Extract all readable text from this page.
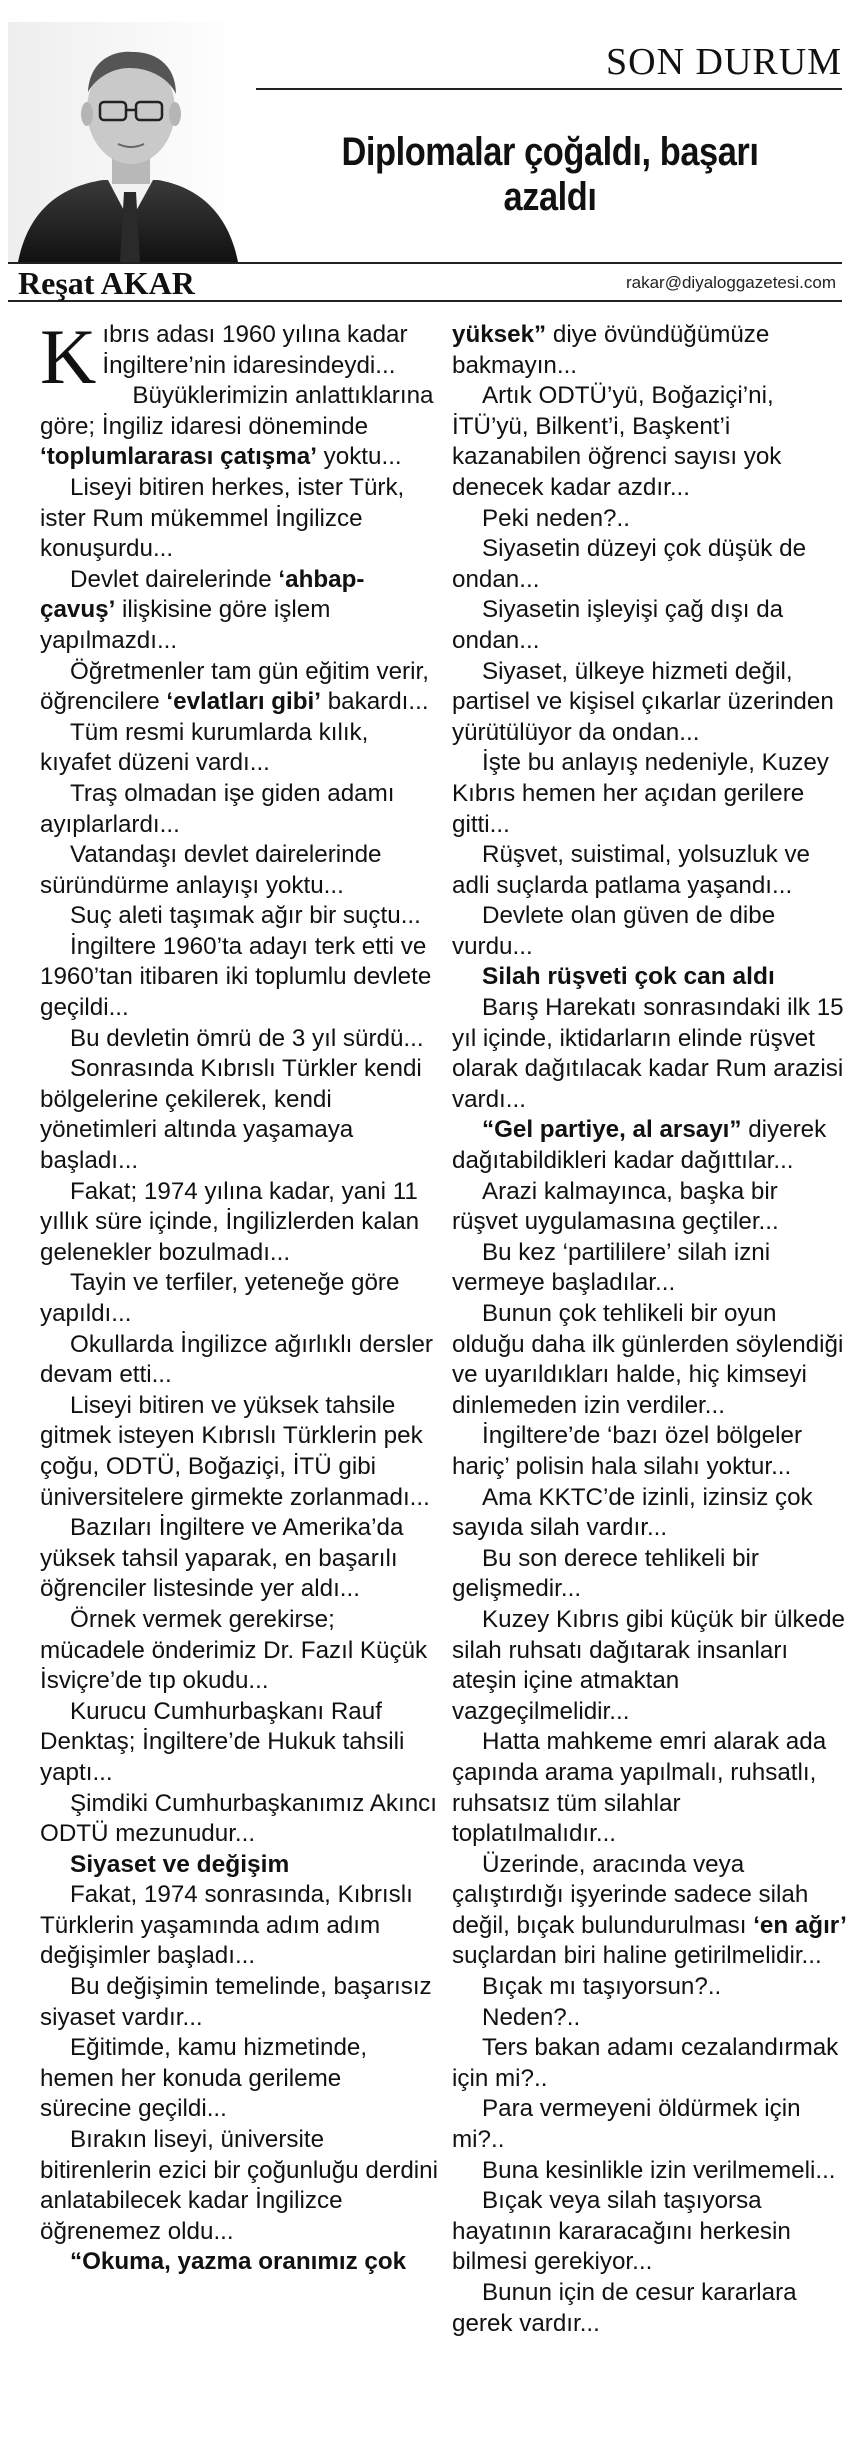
SON DURUM
Diplomalar çoğaldı, başarı azaldı
Reşat AKAR	rakar@diyaloggazetesi.com

Kıbrıs adası 1960 yılına kadar İngiltere’nin idaresindeydi...

Büyüklerimizin anlattıklarına göre; İngiliz idaresi döneminde ‘toplumlararası çatışma’ yoktu...

Liseyi bitiren herkes, ister Türk, ister Rum mükemmel İngilizce konuşurdu...

Devlet dairelerinde ‘ahbap-çavuş’ ilişkisine göre işlem yapılmazdı...

Öğretmenler tam gün eğitim verir, öğrencilere ‘evlatları gibi’ bakardı...

Tüm resmi kurumlarda kılık, kıyafet düzeni vardı...

Traş olmadan işe giden adamı ayıplarlardı...

Vatandaşı devlet dairelerinde süründürme anlayışı yoktu...

Suç aleti taşımak ağır bir suçtu...

İngiltere 1960’ta adayı terk etti ve 1960’tan itibaren iki toplumlu devlete geçildi...

Bu devletin ömrü de 3 yıl sürdü...

Sonrasında Kıbrıslı Türkler kendi bölgelerine çekilerek, kendi yönetimleri altında yaşamaya başladı...

Fakat; 1974 yılına kadar, yani 11 yıllık süre içinde, İngilizlerden kalan gelenekler bozulmadı...

Tayin ve terfiler, yeteneğe göre yapıldı...

Okullarda İngilizce ağırlıklı dersler devam etti...

Liseyi bitiren ve yüksek tahsile gitmek isteyen Kıbrıslı Türklerin pek çoğu, ODTÜ, Boğaziçi, İTÜ gibi üniversitelere girmekte zorlanmadı...

Bazıları İngiltere ve Amerika’da yüksek tahsil yaparak, en başarılı öğrenciler listesinde yer aldı...

Örnek vermek gerekirse; mücadele önderimiz Dr. Fazıl Küçük İsviçre’de tıp okudu...

Kurucu Cumhurbaşkanı Rauf Denktaş; İngiltere’de Hukuk tahsili yaptı...

Şimdiki Cumhurbaşkanımız Akıncı ODTÜ mezunudur...

Siyaset ve değişim

Fakat, 1974 sonrasında, Kıbrıslı Türklerin yaşamında adım adım değişimler başladı...

Bu değişimin temelinde, başarısız siyaset vardır...

Eğitimde, kamu hizmetinde, hemen her konuda gerileme sürecine geçildi...

Bırakın liseyi, üniversite bitirenlerin ezici bir çoğunluğu derdini anlatabilecek kadar İngilizce öğrenemez oldu...

“Okuma, yazma oranımız çok

yüksek” diye övündüğümüze bakmayın...

Artık ODTÜ’yü, Boğaziçi’ni, İTÜ’yü, Bilkent’i, Başkent’i kazanabilen öğrenci sayısı yok denecek kadar azdır...

Peki neden?..

Siyasetin düzeyi çok düşük de ondan...

Siyasetin işleyişi çağ dışı da ondan...

Siyaset, ülkeye hizmeti değil, partisel ve kişisel çıkarlar üzerinden yürütülüyor da ondan...

İşte bu anlayış nedeniyle, Kuzey Kıbrıs hemen her açıdan gerilere gitti...

Rüşvet, suistimal, yolsuzluk ve adli suçlarda patlama yaşandı...

Devlete olan güven de dibe vurdu...

Silah rüşveti çok can aldı

Barış Harekatı sonrasındaki ilk 15 yıl içinde, iktidarların elinde rüşvet olarak dağıtılacak kadar Rum arazisi vardı...

“Gel partiye, al arsayı” diyerek dağıtabildikleri kadar dağıttılar...

Arazi kalmayınca, başka bir rüşvet uygulamasına geçtiler...

Bu kez ‘partililere’ silah izni vermeye başladılar...

Bunun çok tehlikeli bir oyun olduğu daha ilk günlerden söylendiği ve uyarıldıkları halde, hiç kimseyi dinlemeden izin verdiler...

İngiltere’de ‘bazı özel bölgeler hariç’ polisin hala silahı yoktur...

Ama KKTC’de izinli, izinsiz çok sayıda silah vardır...

Bu son derece tehlikeli bir gelişmedir...

Kuzey Kıbrıs gibi küçük bir ülkede silah ruhsatı dağıtarak insanları ateşin içine atmaktan vazgeçilmelidir...

Hatta mahkeme emri alarak ada çapında arama yapılmalı, ruhsatlı, ruhsatsız tüm silahlar toplatılmalıdır...

Üzerinde, aracında veya çalıştırdığı işyerinde sadece silah değil, bıçak bulundurulması ‘en ağır’ suçlardan biri haline getirilmelidir...

Bıçak mı taşıyorsun?..

Neden?..

Ters bakan adamı cezalandırmak için mi?..

Para vermeyeni öldürmek için mi?..

Buna kesinlikle izin verilmemeli...

Bıçak veya silah taşıyorsa hayatının kararacağını herkesin bilmesi gerekiyor...

Bunun için de cesur kararlara gerek vardır...
